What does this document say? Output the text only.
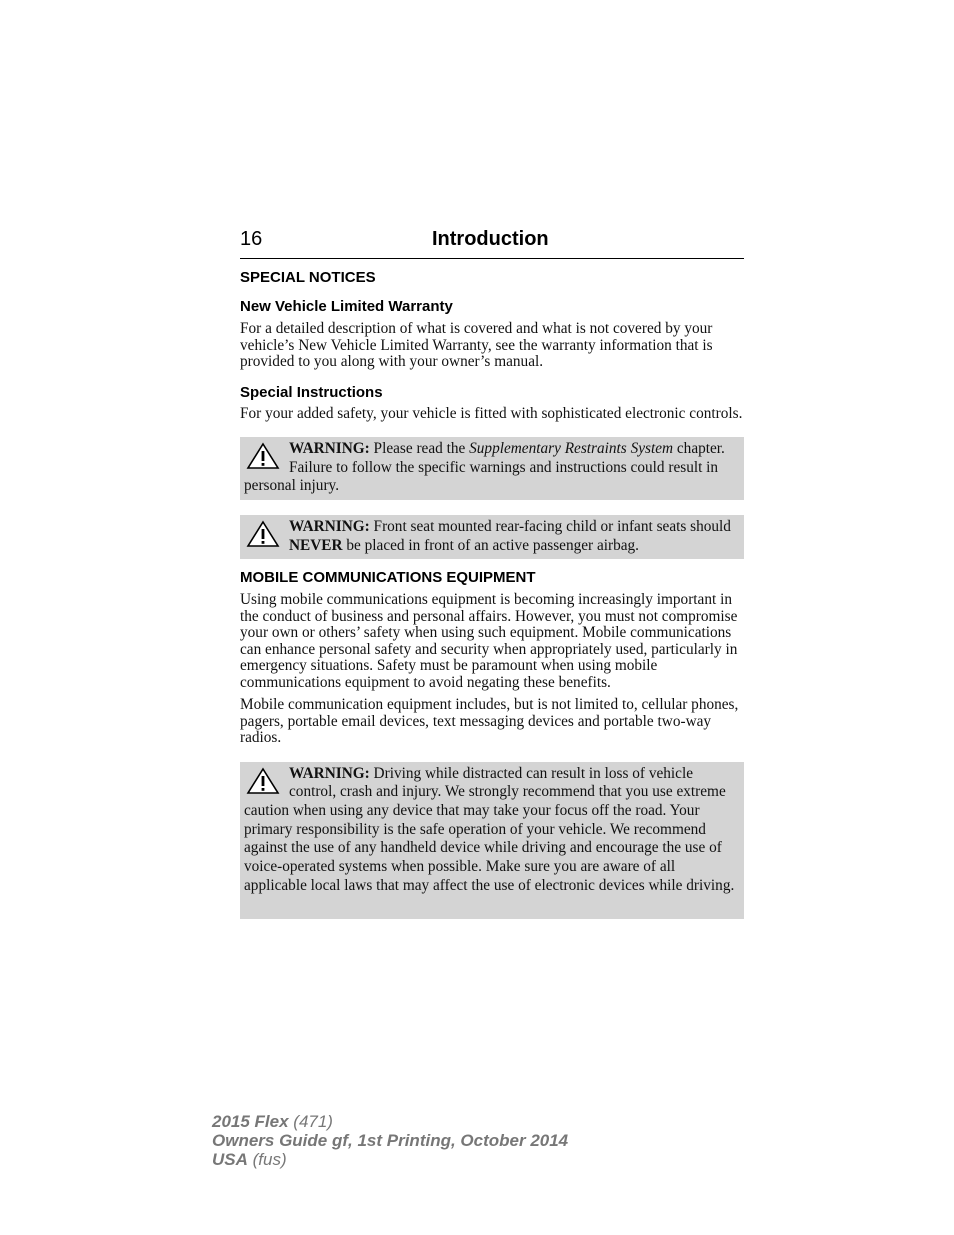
16	Introduction
SPECIAL NOTICES
New Vehicle Limited Warranty

For a detailed description of what is covered and what is not covered by your vehicle’s New Vehicle Limited Warranty, see the warranty information that is provided to you along with your owner’s manual.

Special Instructions

For your added safety, your vehicle is fitted with sophisticated electronic controls.

WARNING: Please read the Supplementary Restraints System chapter. Failure to follow the specific warnings and instructions could result in personal injury.
WARNING: Front seat mounted rear-facing child or infant seats should NEVER be placed in front of an active passenger airbag.
MOBILE COMMUNICATIONS EQUIPMENT

Using mobile communications equipment is becoming increasingly important in the conduct of business and personal affairs. However, you must not compromise your own or others’ safety when using such equipment. Mobile communications can enhance personal safety and security when appropriately used, particularly in emergency situations. Safety must be paramount when using mobile communications equipment to avoid negating these benefits.

Mobile communication equipment includes, but is not limited to, cellular phones, pagers, portable email devices, text messaging devices and portable two-way radios.

WARNING: Driving while distracted can result in loss of vehicle control, crash and injury. We strongly recommend that you use extreme caution when using any device that may take your focus off the road. Your primary responsibility is the safe operation of your vehicle. We recommend against the use of any handheld device while driving and encourage the use of voice-operated systems when possible. Make sure you are aware of all applicable local laws that may affect the use of electronic devices while driving.
2015 Flex (471)
Owners Guide gf, 1st Printing, October 2014
USA (fus)
